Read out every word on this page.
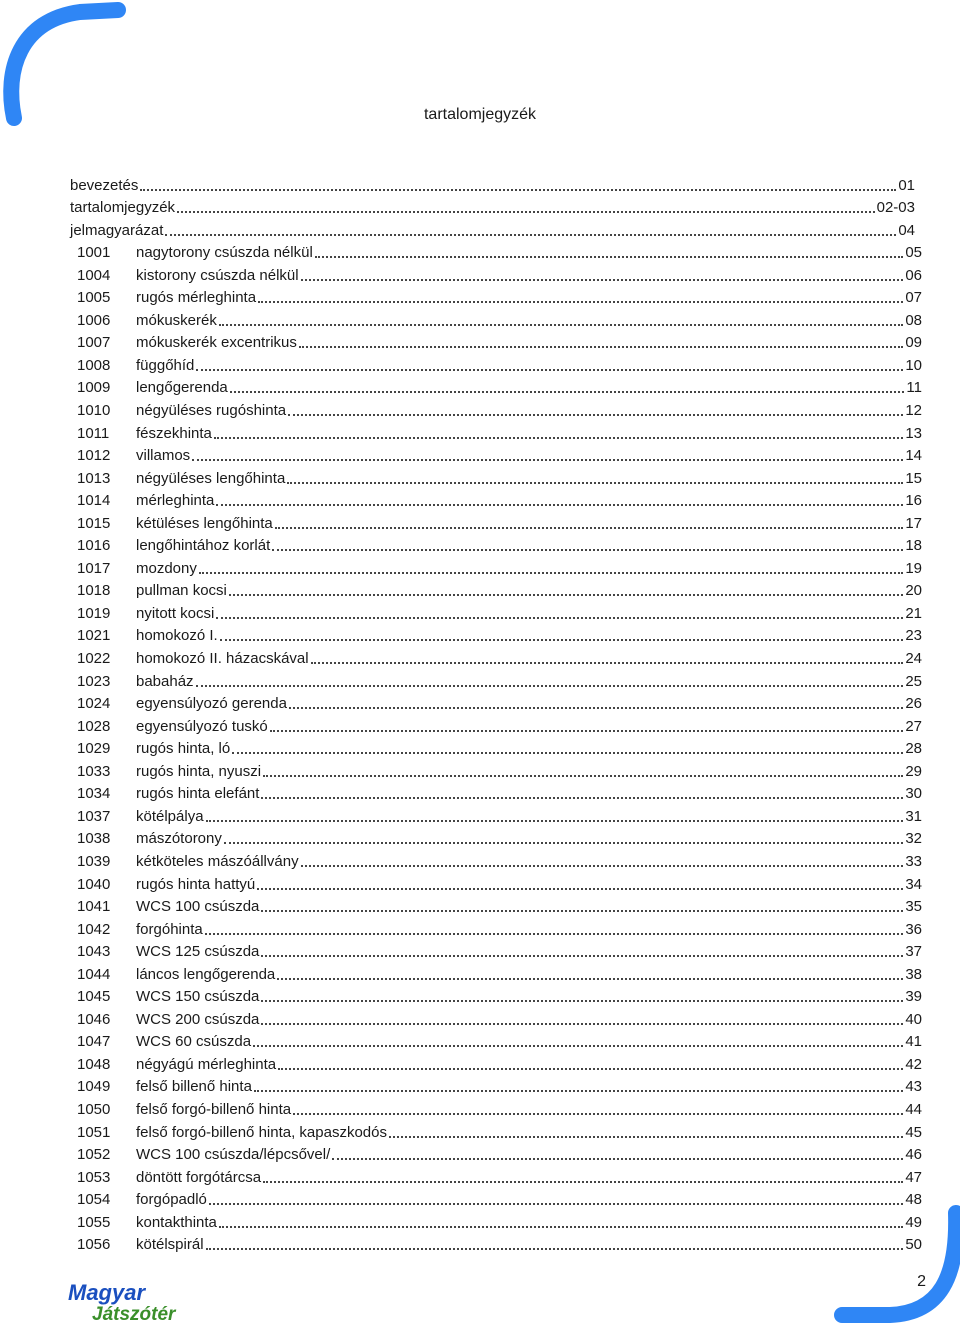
tartalomjegyzék
bevezetés	01
tartalomjegyzék	02-03
jelmagyarázat	04
1001	nagytorony csúszda nélkül	05
1004	kistorony csúszda nélkül	06
1005	rugós mérleghinta	07
1006	mókuskerék	08
1007	mókuskerék excentrikus	09
1008	függőhíd	10
1009	lengőgerenda	11
1010	négyüléses rugóshinta	12
1011	fészekhinta	13
1012	villamos	14
1013	négyüléses lengőhinta	15
1014	mérleghinta	16
1015	kétüléses lengőhinta	17
1016	lengőhintához korlát	18
1017	mozdony	19
1018	pullman kocsi	20
1019	nyitott kocsi	21
1021	homokozó I.	23
1022	homokozó II. házacskával	24
1023	babaház	25
1024	egyensúlyozó gerenda	26
1028	egyensúlyozó tuskó	27
1029	rugós hinta, ló	28
1033	rugós hinta, nyuszi	29
1034	rugós hinta elefánt	30
1037	kötélpálya	31
1038	mászótorony	32
1039	kétköteles mászóállvány	33
1040	rugós hinta hattyú	34
1041	WCS 100 csúszda	35
1042	forgóhinta	36
1043	WCS 125 csúszda	37
1044	láncos lengőgerenda	38
1045	WCS 150 csúszda	39
1046	WCS 200 csúszda	40
1047	WCS 60 csúszda	41
1048	négyágú mérleghinta	42
1049	felső billenő hinta	43
1050	felső forgó-billenő hinta	44
1051	felső forgó-billenő hinta, kapaszkodós	45
1052	WCS 100 csúszda/lépcsővel/	46
1053	döntött forgótárcsa	47
1054	forgópadló	48
1055	kontakthinta	49
1056	kötélspirál	50
2
Magyar
Játszótér
